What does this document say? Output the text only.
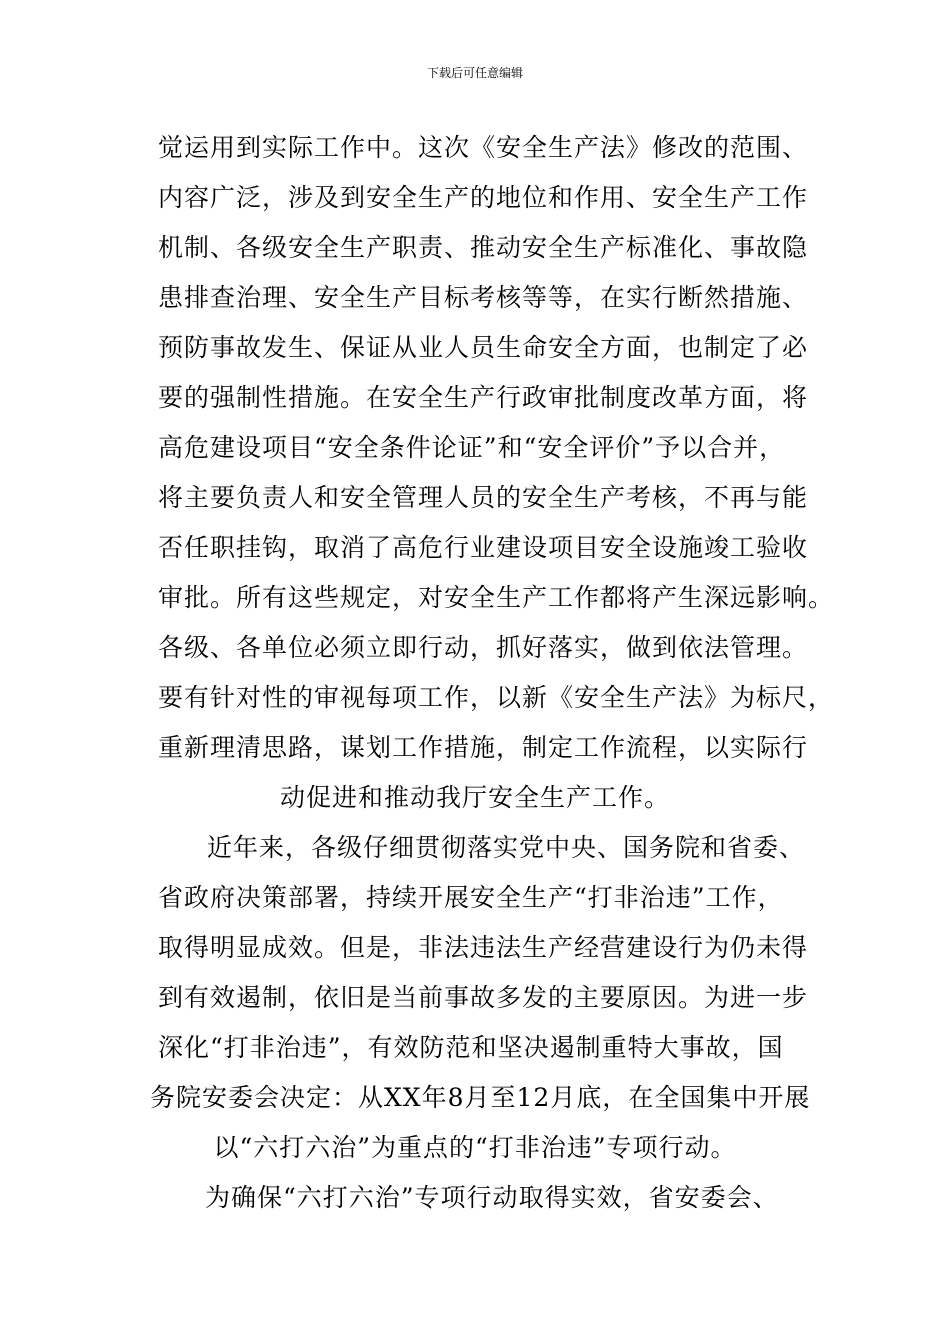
下载后可任意编辑
觉运用到实际工作中。这次《安全生产法》修改的范围、
内容广泛，涉及到安全生产的地位和作用、安全生产工作
机制、各级安全生产职责、推动安全生产标准化、事故隐
患排查治理、安全生产目标考核等等，在实行断然措施、
预防事故发生、保证从业人员生命安全方面，也制定了必
要的强制性措施。在安全生产行政审批制度改革方面，将
高危建设项目“安全条件论证”和“安全评价”予以合并，
将主要负责人和安全管理人员的安全生产考核，不再与能
否任职挂钩，取消了高危行业建设项目安全设施竣工验收
审批。所有这些规定，对安全生产工作都将产生深远影响。
各级、各单位必须立即行动，抓好落实，做到依法管理。
要有针对性的审视每项工作，以新《安全生产法》为标尺，
重新理清思路，谋划工作措施，制定工作流程，以实际行
动促进和推动我厅安全生产工作。
近年来，各级仔细贯彻落实党中央、国务院和省委、
省政府决策部署，持续开展安全生产“打非治违”工作，
取得明显成效。但是，非法违法生产经营建设行为仍未得
到有效遏制，依旧是当前事故多发的主要原因。为进一步
深化“打非治违”，有效防范和坚决遏制重特大事故，国
务院安委会决定：从XX年8月至12月底，在全国集中开展
以“六打六治”为重点的“打非治违”专项行动。
为确保“六打六治”专项行动取得实效，省安委会、
